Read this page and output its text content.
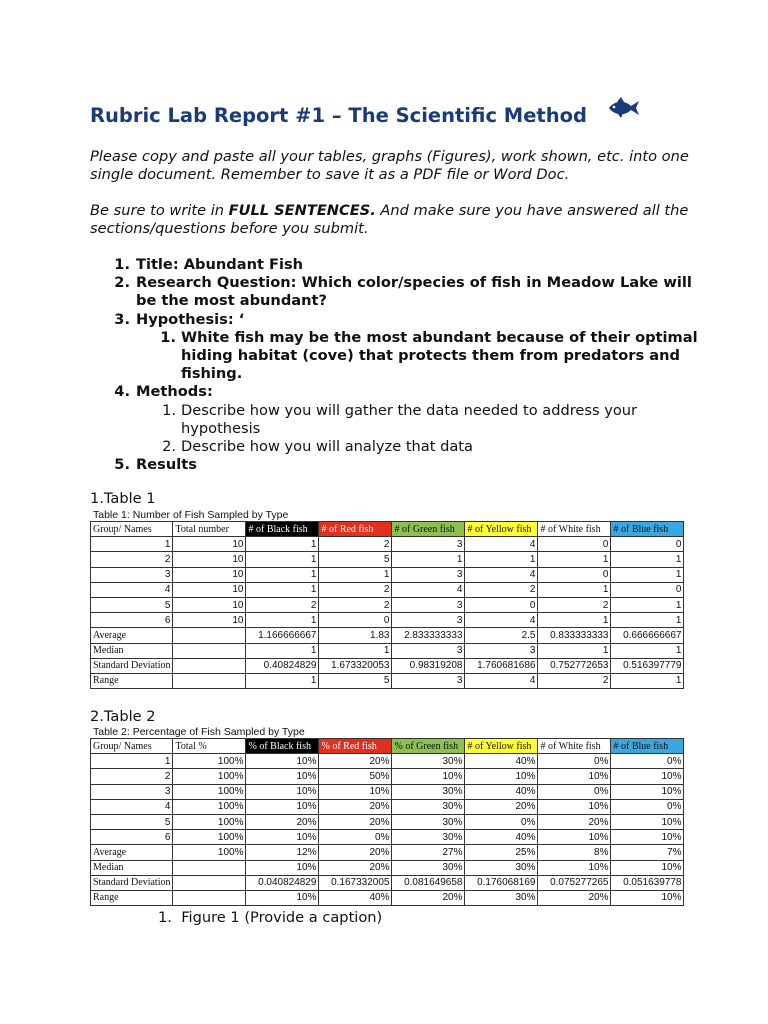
Rubric Lab Report #1 – The Scientific Method
Please copy and paste all your tables, graphs (Figures), work shown, etc. into one single document. Remember to save it as a PDF file or Word Doc.
Be sure to write in FULL SENTENCES. And make sure you have answered all the sections/questions before you submit.
1. Title: Abundant Fish
2. Research Question: Which color/species of fish in Meadow Lake will be the most abundant?
3. Hypothesis: ‘
1. White fish may be the most abundant because of their optimal hiding habitat (cove) that protects them from predators and fishing.
4. Methods:
1. Describe how you will gather the data needed to address your hypothesis
2. Describe how you will analyze that data
5. Results
1.Table 1
Table 1: Number of Fish Sampled by Type
Group/ Names	Total number	# of Black fish	# of Red fish	# of Green fish	# of Yellow fish	# of White fish	# of Blue fish
1	10	1	2	3	4	0	0
2	10	1	5	1	1	1	1
3	10	1	1	3	4	0	1
4	10	1	2	4	2	1	0
5	10	2	2	3	0	2	1
6	10	1	0	3	4	1	1
Average		1.166666667	1.83	2.833333333	2.5	0.833333333	0.666666667
Median		1	1	3	3	1	1
Standard Deviation		0.40824829	1.673320053	0.98319208	1.760681686	0.752772653	0.516397779
Range		1	5	3	4	2	1
2.Table 2
Table 2: Percentage of Fish Sampled by Type
Group/ Names	Total %	% of Black fish	% of Red fish	% of Green fish	# of Yellow fish	# of White fish	# of Blue fish
1	100%	10%	20%	30%	40%	0%	0%
2	100%	10%	50%	10%	10%	10%	10%
3	100%	10%	10%	30%	40%	0%	10%
4	100%	10%	20%	30%	20%	10%	0%
5	100%	20%	20%	30%	0%	20%	10%
6	100%	10%	0%	30%	40%	10%	10%
Average	100%	12%	20%	27%	25%	8%	7%
Median		10%	20%	30%	30%	10%	10%
Standard Deviation		0.040824829	0.167332005	0.081649658	0.176068169	0.075277265	0.051639778
Range		10%	40%	20%	30%	20%	10%
1. Figure 1 (Provide a caption)
